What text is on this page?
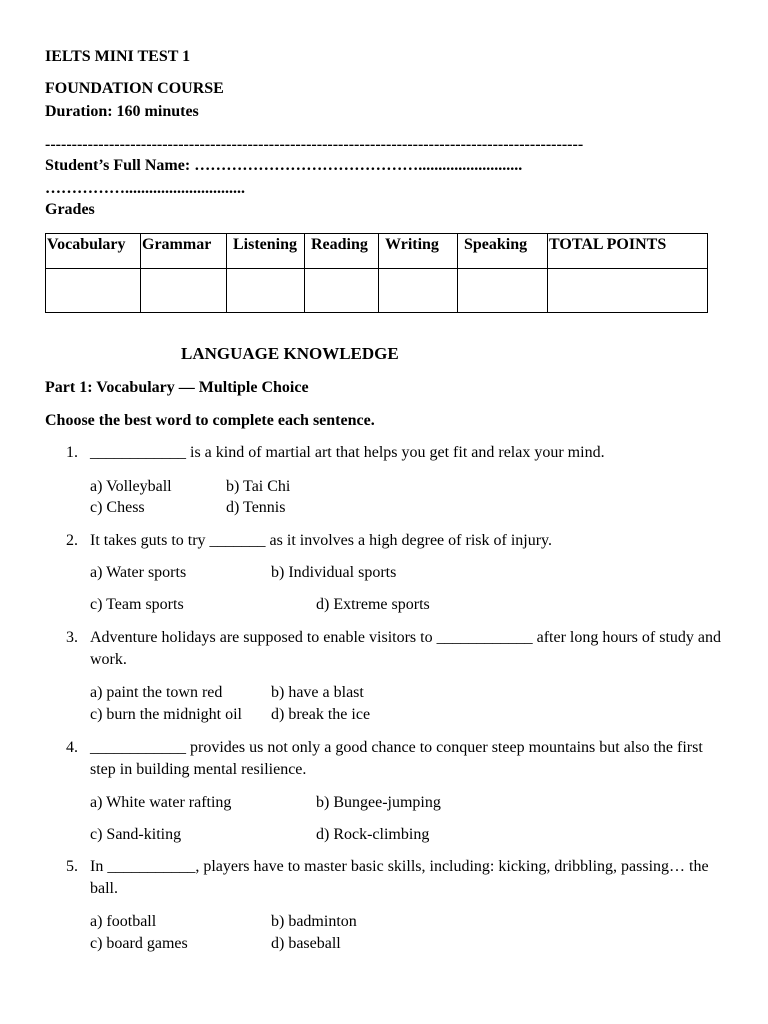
IELTS MINI TEST 1
FOUNDATION COURSE
Duration: 160 minutes
-----------------------------------------------------------------------------------------------------
Student’s Full Name: ……………………………………..........................
……………..............................
Grades
Vocabulary	Grammar	Listening	Reading	Writing	Speaking	TOTAL POINTS

LANGUAGE KNOWLEDGE
Part 1: Vocabulary — Multiple Choice
Choose the best word to complete each sentence.
1. ____________ is a kind of martial art that helps you get fit and relax your mind.
a) Volleyball	b) Tai Chi
c) Chess	d) Tennis
2. It takes guts to try _______ as it involves a high degree of risk of injury.
a) Water sports	b) Individual sports
c) Team sports	d) Extreme sports
3. Adventure holidays are supposed to enable visitors to ____________ after long hours of study and work.
a) paint the town red	b) have a blast
c) burn the midnight oil d) break the ice
4. ____________ provides us not only a good chance to conquer steep mountains but also the first step in building mental resilience.
a) White water rafting	b) Bungee-jumping
c) Sand-kiting	d) Rock-climbing
5. In ___________, players have to master basic skills, including: kicking, dribbling, passing… the ball.
a) football	b) badminton
c) board games	d) baseball
